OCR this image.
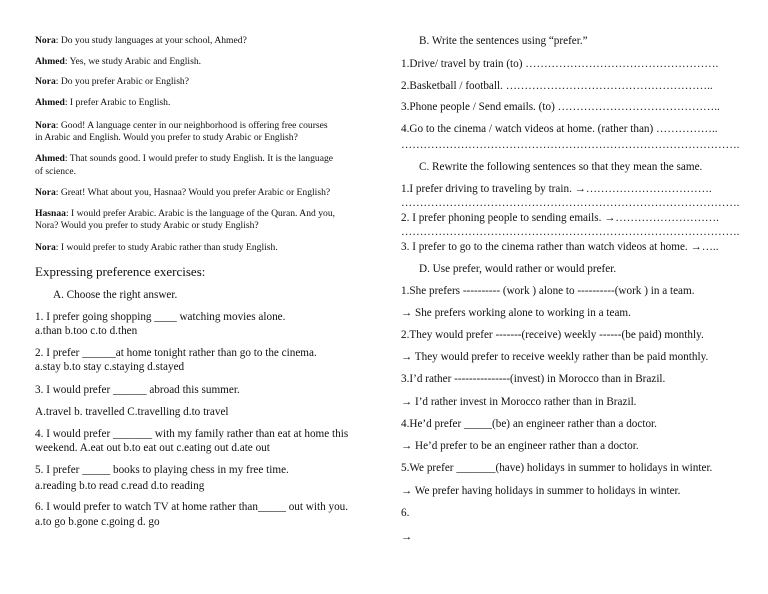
Nora: Do you study languages at your school, Ahmed?
Ahmed: Yes, we study Arabic and English.
Nora: Do you prefer Arabic or English?
Ahmed: I prefer Arabic to English.
Nora: Good! A language center in our neighborhood is offering free courses
in Arabic and English. Would you prefer to study Arabic or English?
Ahmed: That sounds good. I would prefer to study English. It is the language
of science.
Nora: Great! What about you, Hasnaa? Would you prefer Arabic or English?
Hasnaa: I would prefer Arabic. Arabic is the language of the Quran. And you,
Nora? Would you prefer to study Arabic or study English?
Nora: I would prefer to study Arabic rather than study English.
Expressing preference exercises:
A. Choose the right answer.
1. I prefer going shopping ____ watching movies alone.
a.than b.too c.to d.then
2. I prefer ______at home tonight rather than go to the cinema.
a.stay b.to stay c.staying d.stayed
3. I would prefer ______ abroad this summer.
A.travel b. travelled C.travelling d.to travel
4. I would prefer _______ with my family rather than eat at home this
weekend. A.eat out b.to eat out c.eating out d.ate out
5. I prefer _____ books to playing chess in my free time.
a.reading b.to read c.read d.to reading
6. I would prefer to watch TV at home rather than_____ out with you.
a.to go b.gone c.going d. go
B. Write the sentences using “prefer.”
1.Drive/ travel by train (to) …………………………………………….
2.Basketball / football. ………………………………………………..
3.Phone people / Send emails. (to) ……………………………………..
4.Go to the cinema / watch videos at home. (rather than) ……………..
……………………………………………………………………………….
C. Rewrite the following sentences so that they mean the same.
1.I prefer driving to traveling by train. →…………………………….
……………………………………………………………………………….
2. I prefer phoning people to sending emails. →……………………….
……………………………………………………………………………….
3. I prefer to go to the cinema rather than watch videos at home. →…..
D. Use prefer, would rather or would prefer.
1.She prefers ---------- (work ) alone to ----------(work ) in a team.
→ She prefers working alone to working in a team.
2.They would prefer -------(receive) weekly ------(be paid) monthly.
→ They would prefer to receive weekly rather than be paid monthly.
3.I’d rather ---------------(invest) in Morocco than in Brazil.
→ I’d rather invest in Morocco rather than in Brazil.
4.He’d prefer _____(be) an engineer rather than a doctor.
→ He’d prefer to be an engineer rather than a doctor.
5.We prefer _______(have) holidays in summer to holidays in winter.
→ We prefer having holidays in summer to holidays in winter.
6.
→
